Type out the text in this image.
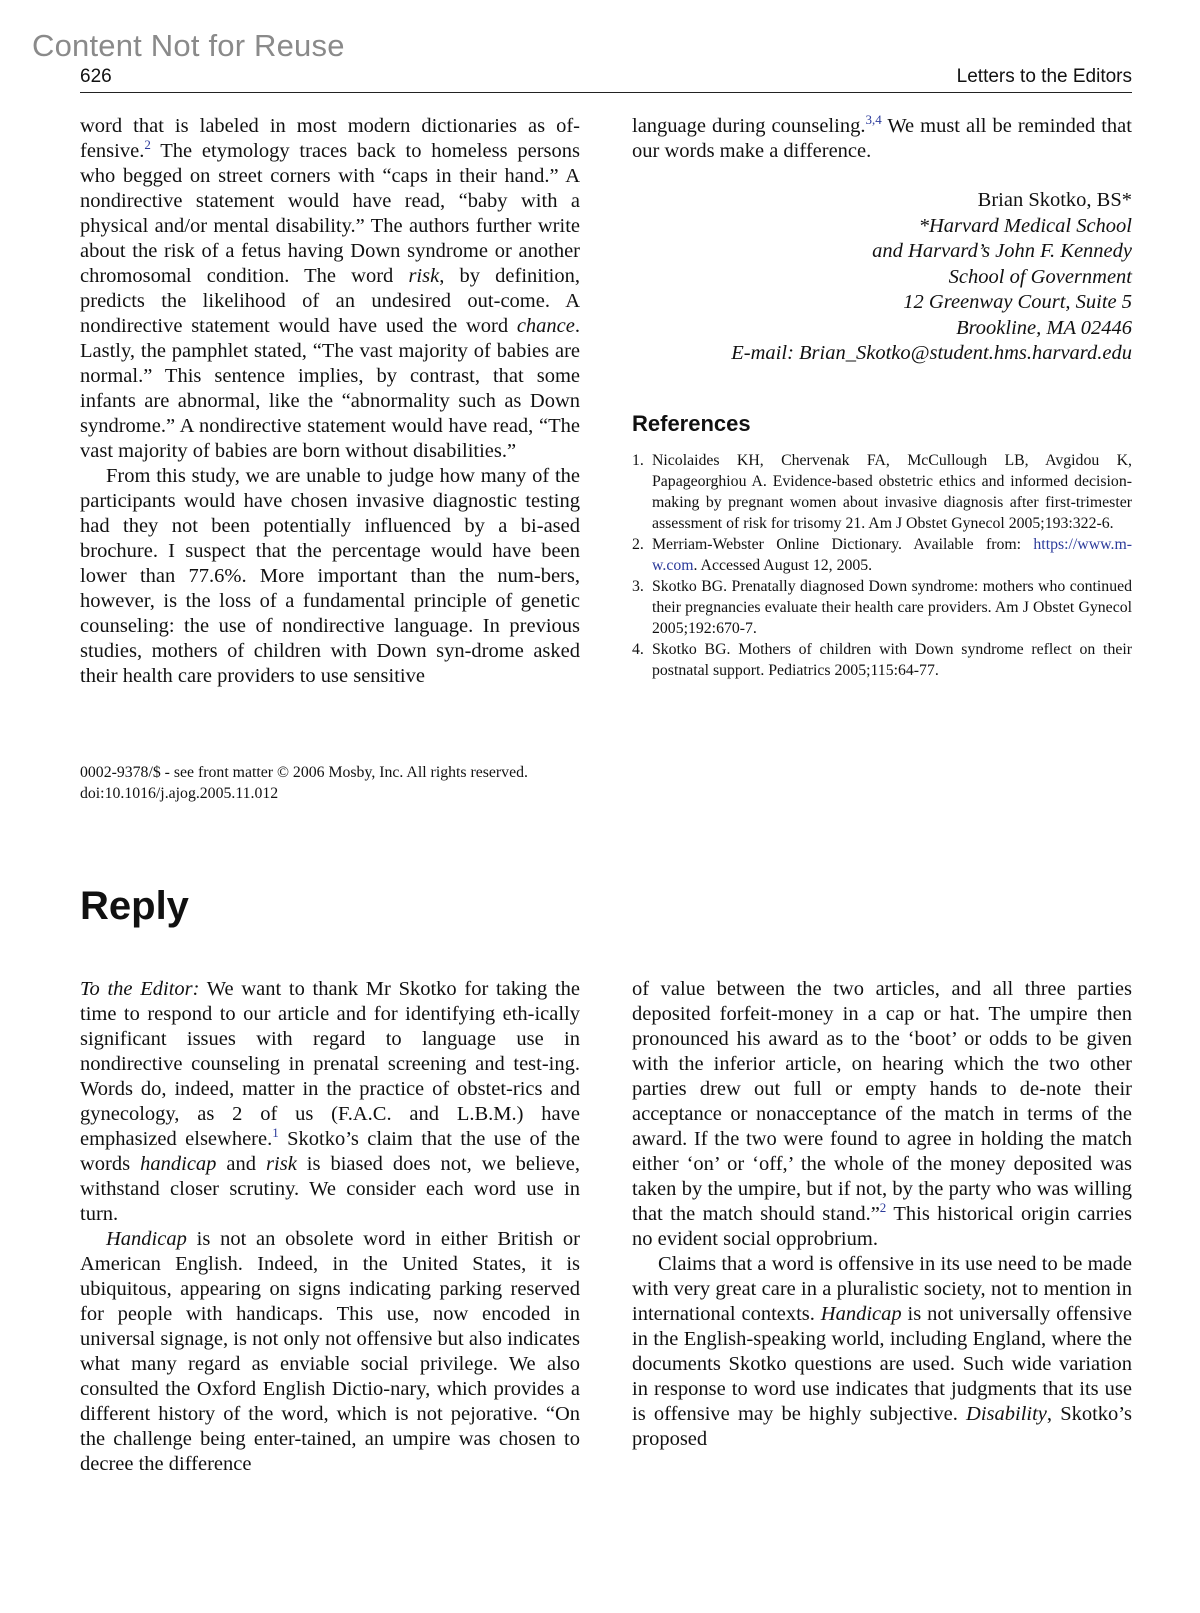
Content Not for Reuse
626	Letters to the Editors

word that is labeled in most modern dictionaries as of-fensive.$^2$ The etymology traces back to homeless persons who begged on street corners with “caps in their hand.” A nondirective statement would have read, “baby with a physical and/or mental disability.” The authors further write about the risk of a fetus having Down syndrome or another chromosomal condition. The word risk, by definition, predicts the likelihood of an undesired out-come. A nondirective statement would have used the word chance. Lastly, the pamphlet stated, “The vast majority of babies are normal.” This sentence implies, by contrast, that some infants are abnormal, like the “abnormality such as Down syndrome.” A nondirective statement would have read, “The vast majority of babies are born without disabilities.”

From this study, we are unable to judge how many of the participants would have chosen invasive diagnostic testing had they not been potentially influenced by a bi-ased brochure. I suspect that the percentage would have been lower than 77.6%. More important than the num-bers, however, is the loss of a fundamental principle of genetic counseling: the use of nondirective language. In previous studies, mothers of children with Down syn-drome asked their health care providers to use sensitive

language during counseling.$^{3,4}$ We must all be reminded that our words make a difference.

Brian Skotko, BS*
*Harvard Medical School
and Harvard’s John F. Kennedy
School of Government
12 Greenway Court, Suite 5
Brookline, MA 02446
E-mail: Brian_Skotko@student.hms.harvard.edu
References
1. Nicolaides KH, Chervenak FA, McCullough LB, Avgidou K, Papageorghiou A. Evidence-based obstetric ethics and informed decision-making by pregnant women about invasive diagnosis after first-trimester assessment of risk for trisomy 21. Am J Obstet Gynecol 2005;193:322-6.
2. Merriam-Webster Online Dictionary. Available from: https://www.m-w.com. Accessed August 12, 2005.
3. Skotko BG. Prenatally diagnosed Down syndrome: mothers who continued their pregnancies evaluate their health care providers. Am J Obstet Gynecol 2005;192:670-7.
4. Skotko BG. Mothers of children with Down syndrome reflect on their postnatal support. Pediatrics 2005;115:64-77.
0002-9378/$ - see front matter © 2006 Mosby, Inc. All rights reserved.
doi:10.1016/j.ajog.2005.11.012
Reply

To the Editor: We want to thank Mr Skotko for taking the time to respond to our article and for identifying eth-ically significant issues with regard to language use in nondirective counseling in prenatal screening and test-ing. Words do, indeed, matter in the practice of obstet-rics and gynecology, as 2 of us (F.A.C. and L.B.M.) have emphasized elsewhere.$^1$ Skotko’s claim that the use of the words handicap and risk is biased does not, we believe, withstand closer scrutiny. We consider each word use in turn.

Handicap is not an obsolete word in either British or American English. Indeed, in the United States, it is ubiquitous, appearing on signs indicating parking reserved for people with handicaps. This use, now encoded in universal signage, is not only not offensive but also indicates what many regard as enviable social privilege. We also consulted the Oxford English Dictio-nary, which provides a different history of the word, which is not pejorative. “On the challenge being enter-tained, an umpire was chosen to decree the difference

of value between the two articles, and all three parties deposited forfeit-money in a cap or hat. The umpire then pronounced his award as to the ‘boot’ or odds to be given with the inferior article, on hearing which the two other parties drew out full or empty hands to de-note their acceptance or nonacceptance of the match in terms of the award. If the two were found to agree in holding the match either ‘on’ or ‘off,’ the whole of the money deposited was taken by the umpire, but if not, by the party who was willing that the match should stand.”$^2$ This historical origin carries no evident social opprobrium.

Claims that a word is offensive in its use need to be made with very great care in a pluralistic society, not to mention in international contexts. Handicap is not universally offensive in the English-speaking world, including England, where the documents Skotko questions are used. Such wide variation in response to word use indicates that judgments that its use is offensive may be highly subjective. Disability, Skotko’s proposed
